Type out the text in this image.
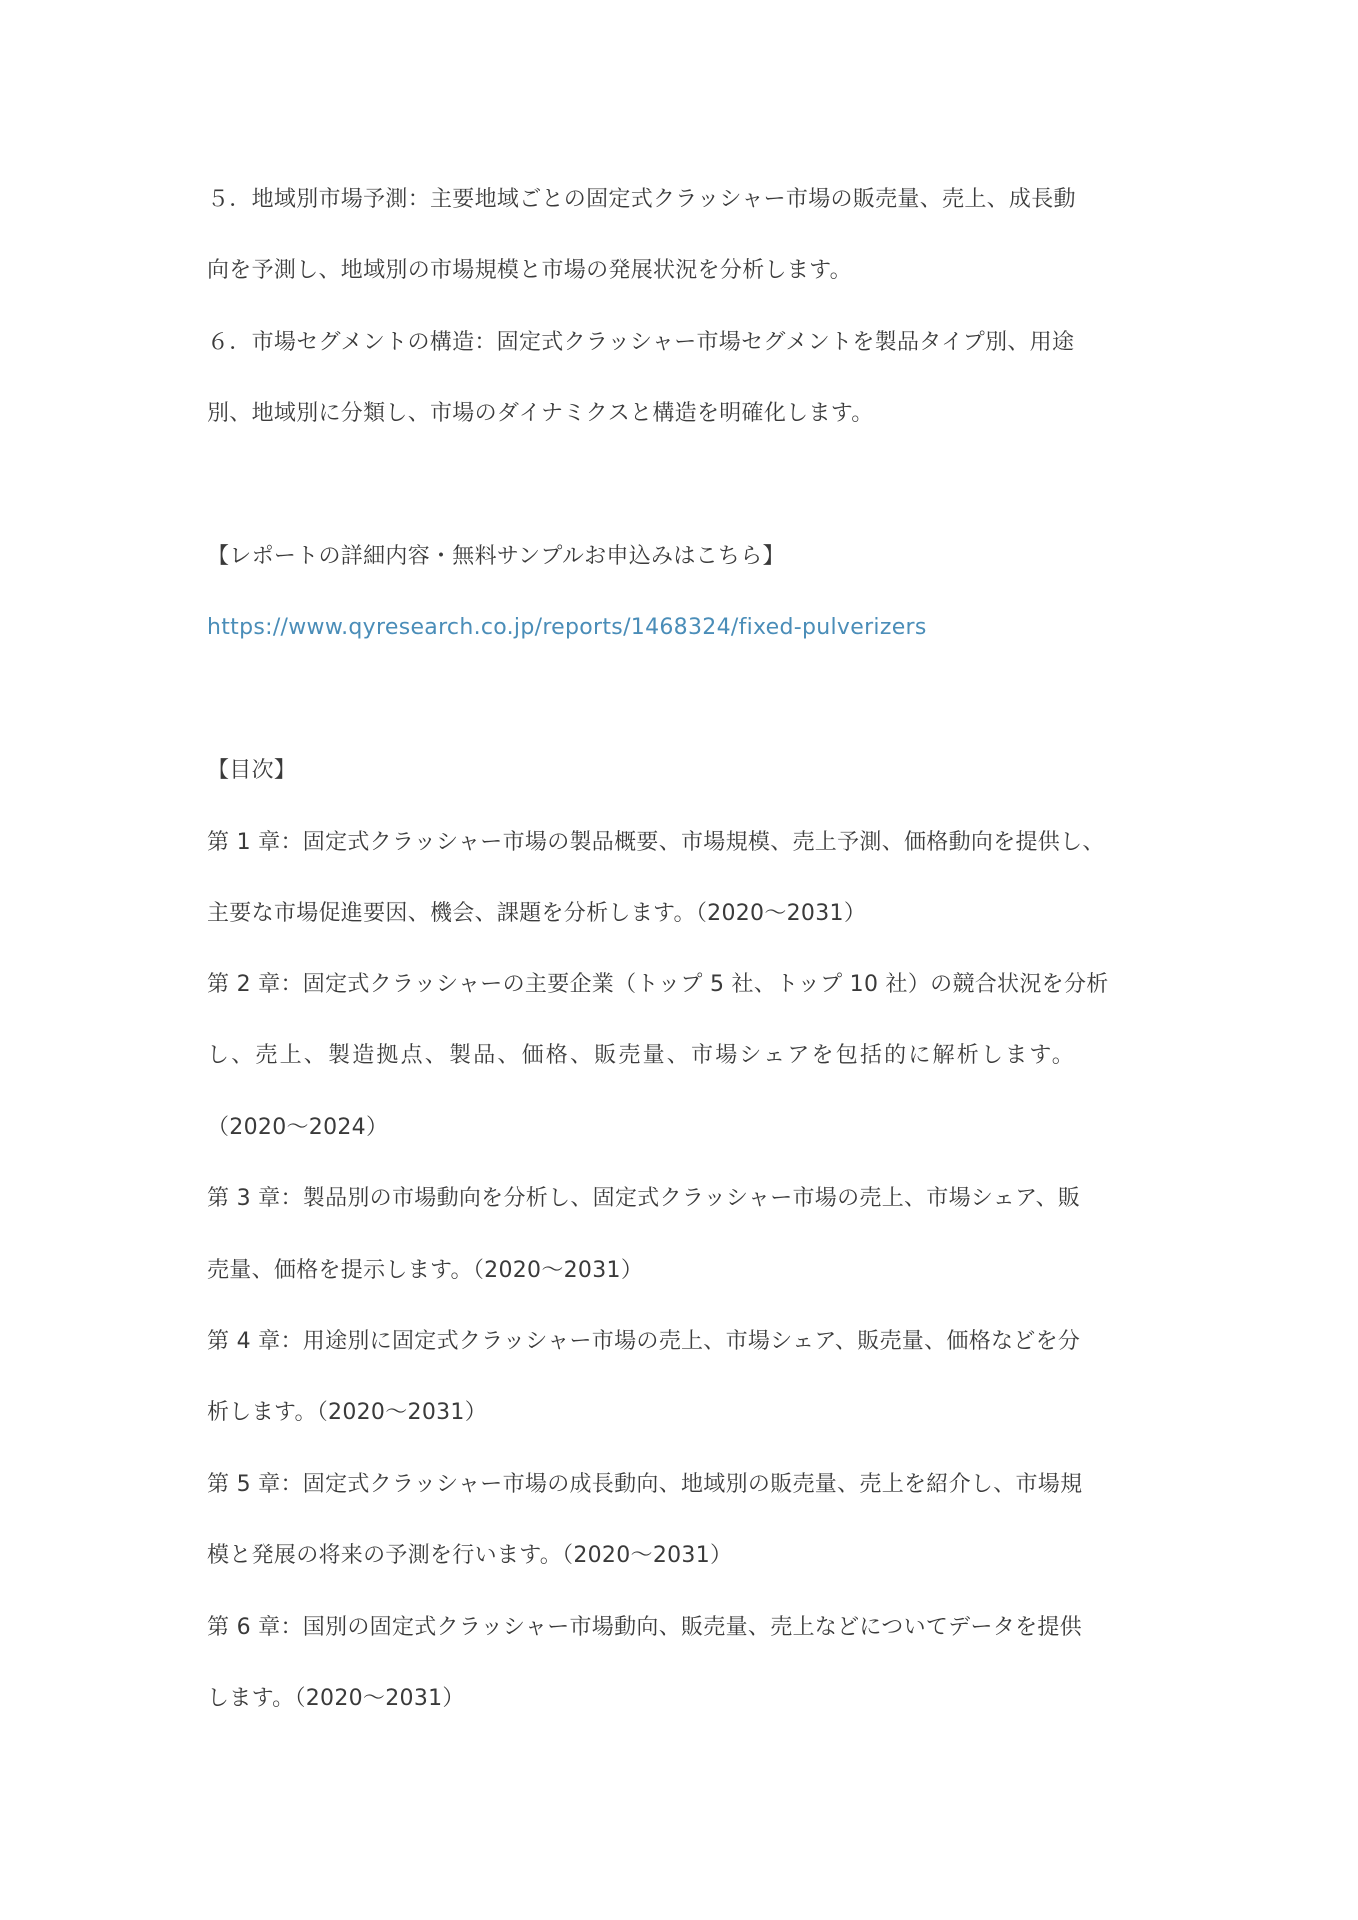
５．地域別市場予測：主要地域ごとの固定式クラッシャー市場の販売量、売上、成長動
向を予測し、地域別の市場規模と市場の発展状況を分析します。
６．市場セグメントの構造：固定式クラッシャー市場セグメントを製品タイプ別、用途
別、地域別に分類し、市場のダイナミクスと構造を明確化します。
【レポートの詳細内容・無料サンプルお申込みはこちら】
https://www.qyresearch.co.jp/reports/1468324/fixed-pulverizers
【目次】
第 1 章：固定式クラッシャー市場の製品概要、市場規模、売上予測、価格動向を提供し、
主要な市場促進要因、機会、課題を分析します。（2020～2031）
第 2 章：固定式クラッシャーの主要企業（トップ 5 社、トップ 10 社）の競合状況を分析
し、売上、製造拠点、製品、価格、販売量、市場シェアを包括的に解析します。
（2020～2024）
第 3 章：製品別の市場動向を分析し、固定式クラッシャー市場の売上、市場シェア、販
売量、価格を提示します。（2020～2031）
第 4 章：用途別に固定式クラッシャー市場の売上、市場シェア、販売量、価格などを分
析します。（2020～2031）
第 5 章：固定式クラッシャー市場の成長動向、地域別の販売量、売上を紹介し、市場規
模と発展の将来の予測を行います。（2020～2031）
第 6 章：国別の固定式クラッシャー市場動向、販売量、売上などについてデータを提供
します。（2020～2031）
